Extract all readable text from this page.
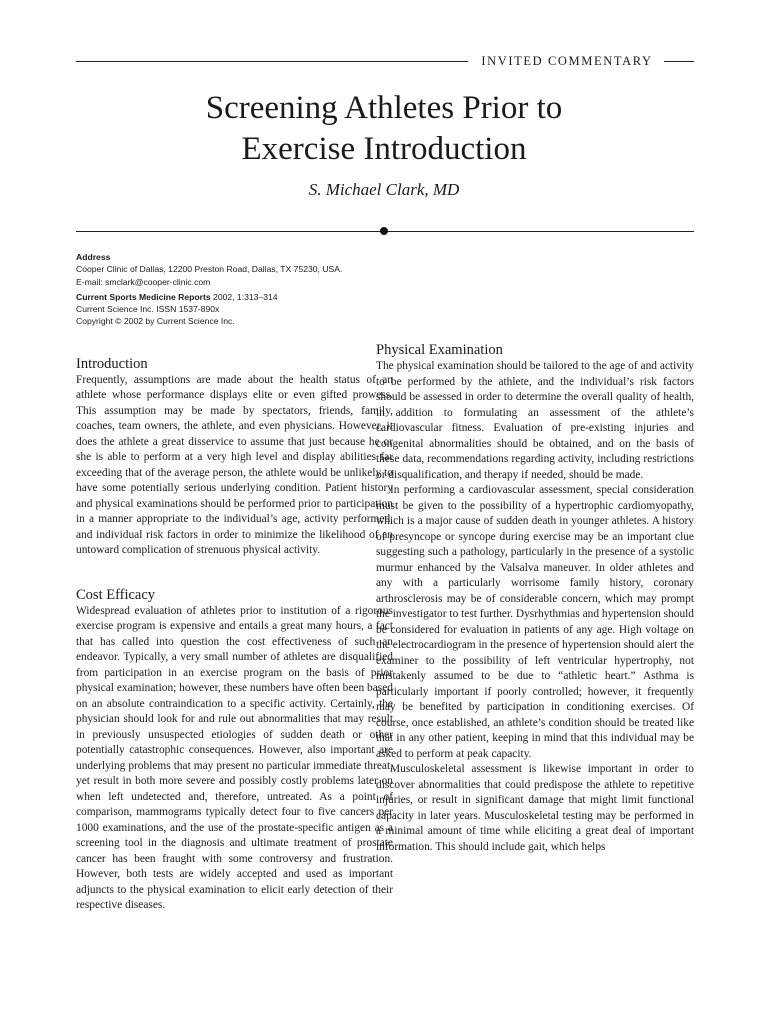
INVITED COMMENTARY
Screening Athletes Prior to
Exercise Introduction
S. Michael Clark, MD
Address
Cooper Clinic of Dallas, 12200 Preston Road, Dallas, TX 75230, USA.
E-mail: smclark@cooper-clinic.com
Current Sports Medicine Reports 2002, 1:313–314
Current Science Inc. ISSN 1537-890x
Copyright © 2002 by Current Science Inc.
Introduction

Frequently, assumptions are made about the health status of an athlete whose performance displays elite or even gifted prowess. This assumption may be made by spectators, friends, family, coaches, team owners, the athlete, and even physicians. However, it does the athlete a great disservice to assume that just because he or she is able to perform at a very high level and display abilities far exceeding that of the average person, the athlete would be unlikely to have some potentially serious underlying condition. Patient history and physical examinations should be performed prior to participation in a manner appropriate to the individual’s age, activity performed, and individual risk factors in order to minimize the likelihood of an untoward complication of strenuous physical activity.

Cost Efficacy

Widespread evaluation of athletes prior to institution of a rigorous exercise program is expensive and entails a great many hours, a fact that has called into question the cost effectiveness of such an endeavor. Typically, a very small number of athletes are disqualified from participation in an exercise program on the basis of prior physical examination; however, these numbers have often been based on an absolute contraindication to a specific activity. Certainly, the physician should look for and rule out abnormalities that may result in previously unsuspected etiologies of sudden death or other potentially catastrophic consequences. However, also important are underlying problems that may present no particular immediate threat, yet result in both more severe and possibly costly problems later on when left undetected and, therefore, untreated. As a point of comparison, mammograms typically detect four to five cancers per 1000 examinations, and the use of the prostate-specific antigen as a screening tool in the diagnosis and ultimate treatment of prostate cancer has been fraught with some controversy and frustration. However, both tests are widely accepted and used as important adjuncts to the physical examination to elicit early detection of their respective diseases.

Physical Examination

The physical examination should be tailored to the age of and activity to be performed by the athlete, and the individual’s risk factors should be assessed in order to determine the overall quality of health, in addition to formulating an assessment of the athlete’s cardiovascular fitness. Evaluation of pre-existing injuries and congenital abnormalities should be obtained, and on the basis of these data, recommendations regarding activity, including restrictions or disqualification, and therapy if needed, should be made.

In performing a cardiovascular assessment, special consideration must be given to the possibility of a hypertrophic cardiomyopathy, which is a major cause of sudden death in younger athletes. A history of presyncope or syncope during exercise may be an important clue suggesting such a pathology, particularly in the presence of a systolic murmur enhanced by the Valsalva maneuver. In older athletes and any with a particularly worrisome family history, coronary arthrosclerosis may be of considerable concern, which may prompt the investigator to test further. Dysrhythmias and hypertension should be considered for evaluation in patients of any age. High voltage on the electrocardiogram in the presence of hypertension should alert the examiner to the possibility of left ventricular hypertrophy, not mistakenly assumed to be due to “athletic heart.” Asthma is particularly important if poorly controlled; however, it frequently may be benefited by participation in conditioning exercises. Of course, once established, an athlete’s condition should be treated like that in any other patient, keeping in mind that this individual may be asked to perform at peak capacity.

Musculoskeletal assessment is likewise important in order to discover abnormalities that could predispose the athlete to repetitive injuries, or result in significant damage that might limit functional capacity in later years. Musculoskeletal testing may be performed in a minimal amount of time while eliciting a great deal of important information. This should include gait, which helps
